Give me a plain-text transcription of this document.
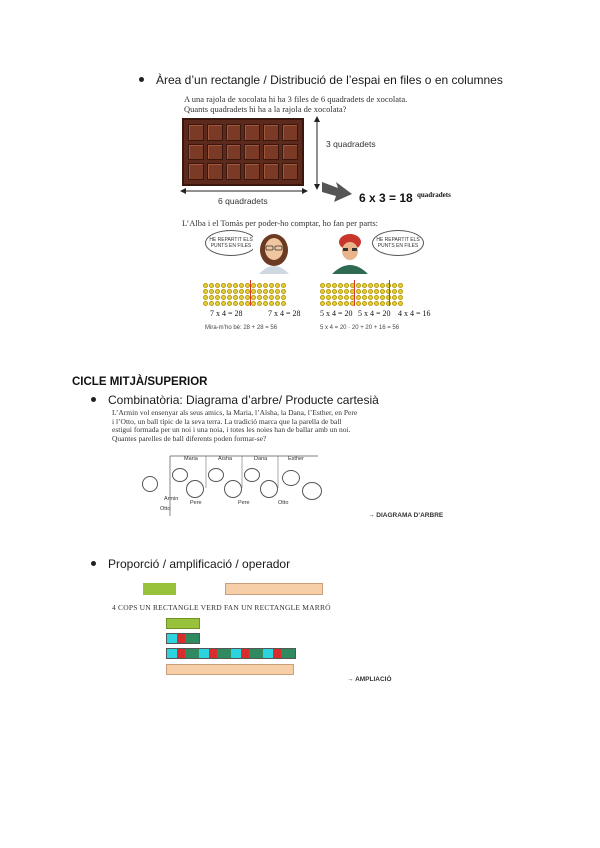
Àrea d’un rectangle / Distribució de l’espai en files o en columnes
A una rajola de xocolata hi ha 3 files de 6 quadradets de xocolata. Quants quadradets hi ha a la rajola de xocolata?
3 quadradets
6 quadradets	6 x 3 = 18 quadradets
L’Alba i el Tomàs per poder-ho comptar, ho fan per parts:
HE REPARTIT ELS PUNTS EN FILES
HE REPARTIT ELS PUNTS EN FILES
7 x 4 = 28	7 x 4 = 28 5 x 4 = 20 5 x 4 = 20 4 x 4 = 16
Mira-m’ho bé: 28 + 28 = 56	5 x 4 = 20 · 20 + 20 + 16 = 56
CICLE MITJÀ/SUPERIOR
Combinatòria: Diagrama d’arbre/ Producte cartesià
L’Armin vol ensenyar als seus amics, la Maria, l’Aïsha, la Dana, l’Esther, en Pere i l’Otto, un ball típic de la seva terra. La tradició marca que la parella de ball estigui formada per un noi i una noia, i totes les noies han de ballar amb un noi. Quantes parelles de ball diferents poden formar-se?
Maria	Aïsha	Dana	Esther
Armin
Pere
Otto
Pere	Otto
→ DIAGRAMA D’ARBRE
Proporció / amplificació / operador
4 COPS UN RECTANGLE VERD FAN UN RECTANGLE MARRÓ
→ AMPLIACIÓ
